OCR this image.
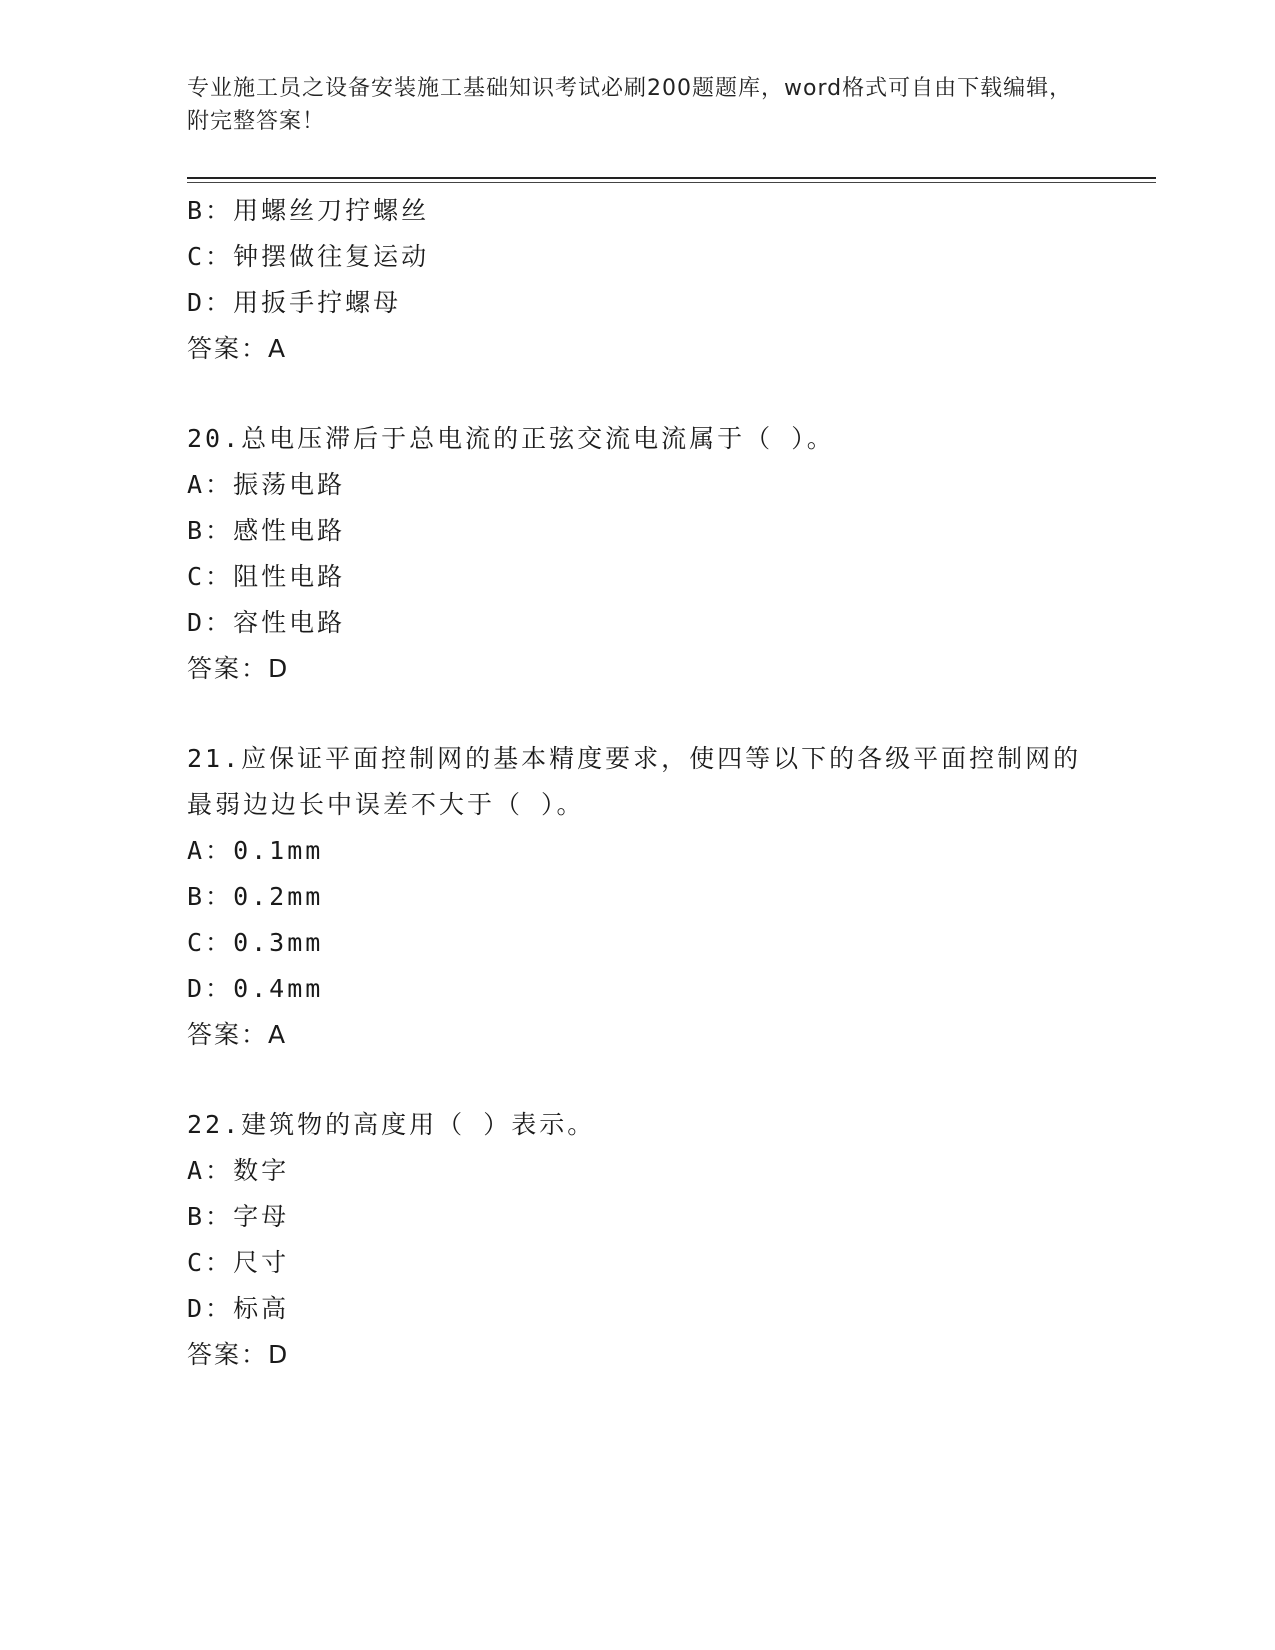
专业施工员之设备安装施工基础知识考试必刷200题题库，word格式可自由下载编辑，附完整答案！
B：用螺丝刀拧螺丝
C：钟摆做往复运动
D：用扳手拧螺母
答案：A
20.总电压滞后于总电流的正弦交流电流属于（ ）。
A：振荡电路
B：感性电路
C：阻性电路
D：容性电路
答案：D
21.应保证平面控制网的基本精度要求，使四等以下的各级平面控制网的最弱边边长中误差不大于（ ）。
A：0.1mm
B：0.2mm
C：0.3mm
D：0.4mm
答案：A
22.建筑物的高度用（ ）表示。
A：数字
B：字母
C：尺寸
D：标高
答案：D
